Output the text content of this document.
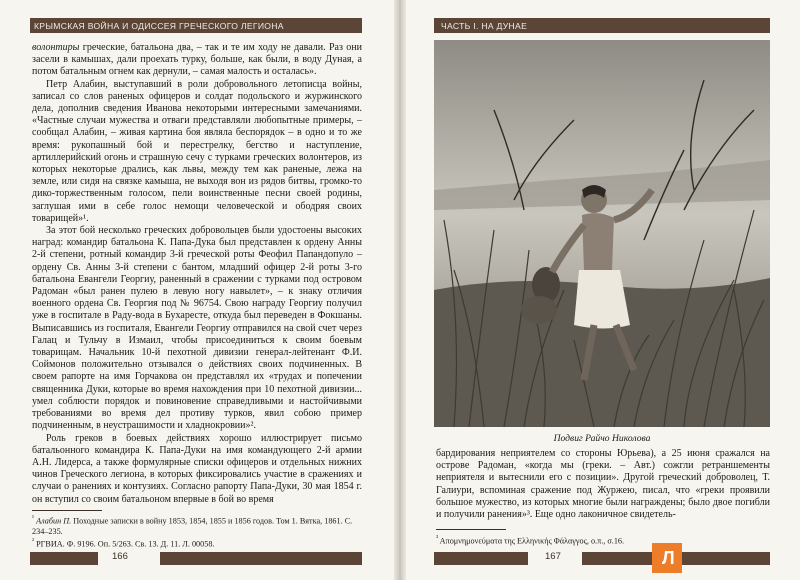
КРЫМСКАЯ ВОЙНА И ОДИССЕЯ ГРЕЧЕСКОГО ЛЕГИОНА

волонтиры греческие, батальона два, – так и те им ходу не давали. Раз они засели в камышах, дали проехать турку, больше, как были, в воду Дуная, а потом батальным огнем как дернули, – самая малость и осталась».

Петр Алабин, выступавший в роли добровольного летописца войны, записал со слов раненых офицеров и солдат подольского и журжинского дела, дополнив сведения Иванова некоторыми интересными замечаниями. «Частные случаи мужества и отваги представляли любопытные примеры, – сообщал Алабин, – живая картина боя являла беспорядок – в одно и то же время: рукопашный бой и перестрелку, бегство и наступление, артиллерийский огонь и страшную сечу с турками греческих волонтеров, из которых некоторые дрались, как львы, между тем как раненые, лежа на земле, или сидя на связке камыша, не выходя вон из рядов битвы, громко-то дико-торжественным голосом, пели воинственные песни своей родины, заглушая ими в себе голос немощи человеческой и ободряя своих товарищей»¹.

За этот бой несколько греческих добровольцев были удостоены высоких наград: командир батальона К. Папа-Дука был представлен к ордену Анны 2-й степени, ротный командир 3-й греческой роты Феофил Папандопуло – ордену Св. Анны 3-й степени с бантом, младший офицер 2-й роты 3-го батальона Евангели Георгиу, раненный в сражении с турками под островом Радоман «был ранен пулею в левую ногу навылет», – к знаку отличия военного ордена Св. Георгия под № 96754. Свою награду Георгиу получил уже в госпитале в Раду-вода в Бухаресте, откуда был переведен в Фокшаны. Выписавшись из госпиталя, Евангели Георгиу отправился на свой счет через Галац и Тульчу в Измаил, чтобы присоединиться к своим боевым товарищам. Начальник 10-й пехотной дивизии генерал-лейтенант Ф.И. Соймонов положительно отзывался о действиях своих подчиненных. В своем рапорте на имя Горчакова он представлял их «трудах и попечении священника Дуки, которые во время нахождения при 10 пехотной дивизии... умел соблюсти порядок и повиновение справедливыми и настойчивыми требованиями во время дел противу турков, явил собою пример подчиненным, в неустрашимости и хладнокровии»².

Роль греков в боевых действиях хорошо иллюстрирует письмо батальонного командира К. Папа-Дуки на имя командующего 2-й армии А.Н. Лидерса, а также формулярные списки офицеров и отдельных нижних чинов Греческого легиона, в которых фиксировались участие в сражениях и случаи о ранениях и контузиях. Согласно рапорту Папа-Дуки, 30 мая 1854 г. он вступил со своим батальоном впервые в бой во время

$^{^1}$ Алабин П. Походные записки в войну 1853, 1854, 1855 и 1856 годов. Том 1. Вятка, 1861. С. 234–235.

$^{^2}$ РГВИА. Ф. 9196. Оп. 5/263. Св. 13. Д. 11. Л. 00058.

166
ЧАСТЬ I. НА ДУНАЕ
Подвиг Райчо Николова

бардирования неприятелем со стороны Юрьева), а 25 июня сражался на острове Радоман, «когда мы (греки. – Авт.) сожгли ретраншементы неприятеля и вытеснили его с позиции». Другой греческий доброволец, Т. Галиури, вспоминая сражение под Журжею, писал, что «греки проявили большое мужество, из которых многие были награждены; было двое погибли и получили ранения»³. Еще одно лаконичное свидетель-

$^{^3}$ Απομνημονεύματα της Ελληνικής Φάλαγγος, ο.π., σ.16.

167	Л
